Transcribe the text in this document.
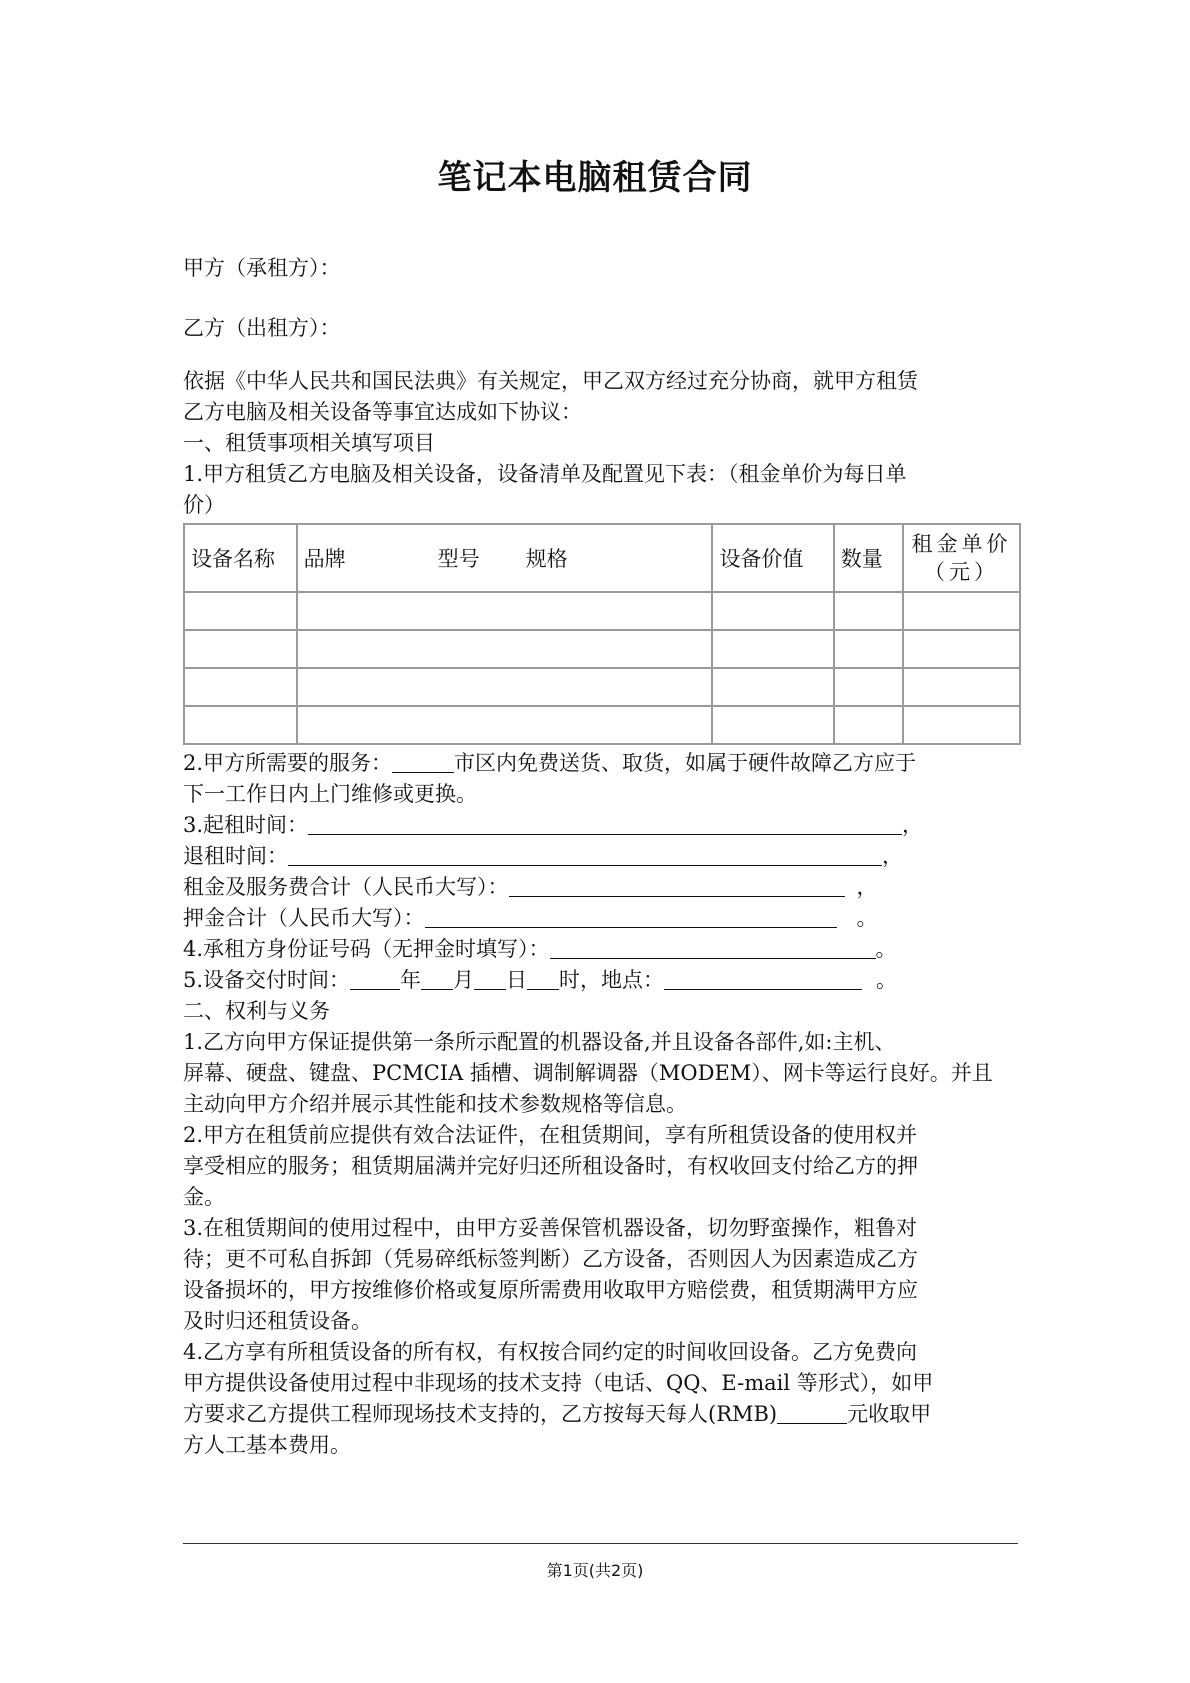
笔记本电脑租赁合同
甲方（承租方）：
乙方（出租方）：
依据《中华人民共和国民法典》有关规定，甲乙双方经过充分协商，就甲方租赁
乙方电脑及相关设备等事宜达成如下协议：
一、租赁事项相关填写项目
1.甲方租赁乙方电脑及相关设备，设备清单及配置见下表：（租金单价为每日单
价）
设备名称	品牌 型号 规格	设备价值	数量	租金单价
（元）

2.甲方所需要的服务：	市区内免费送货、取货，如属于硬件故障乙方应于
下一工作日内上门维修或更换。
3.起租时间：	，
退租时间：	，
租金及服务费合计（人民币大写）：	，
押金合计（人民币大写）：	。
4.承租方身份证号码（无押金时填写）：	。
5.设备交付时间： 年 月 日 时，地点：	。
二、权利与义务
1.乙方向甲方保证提供第一条所示配置的机器设备,并且设备各部件,如:主机、
屏幕、硬盘、键盘、PCMCIA 插槽、调制解调器（MODEM）、网卡等运行良好。并且
主动向甲方介绍并展示其性能和技术参数规格等信息。
2.甲方在租赁前应提供有效合法证件，在租赁期间，享有所租赁设备的使用权并
享受相应的服务；租赁期届满并完好归还所租设备时，有权收回支付给乙方的押
金。
3.在租赁期间的使用过程中，由甲方妥善保管机器设备，切勿野蛮操作，粗鲁对
待；更不可私自拆卸（凭易碎纸标签判断）乙方设备，否则因人为因素造成乙方
设备损坏的，甲方按维修价格或复原所需费用收取甲方赔偿费，租赁期满甲方应
及时归还租赁设备。
4.乙方享有所租赁设备的所有权，有权按合同约定的时间收回设备。乙方免费向
甲方提供设备使用过程中非现场的技术支持（电话、QQ、E-mail 等形式），如甲
方要求乙方提供工程师现场技术支持的，乙方按每天每人(RMB)	元收取甲
方人工基本费用。
第1页(共2页)
